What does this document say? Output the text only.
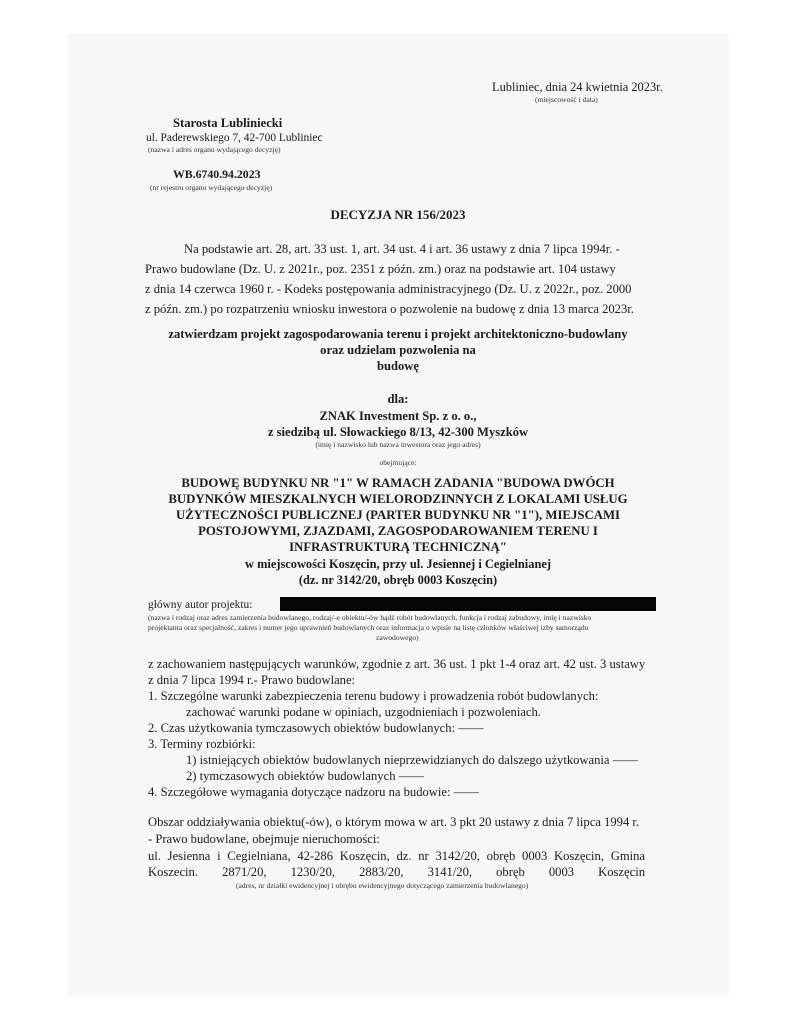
Lubliniec, dnia 24 kwietnia 2023r.
(miejscowość i data)
Starosta Lubliniecki
ul. Paderewskiego 7, 42-700 Lubliniec
(nazwa i adres organu wydającego decyzję)
WB.6740.94.2023
(nr rejestru organu wydającego decyzję)
DECYZJA NR 156/2023
Na podstawie art. 28, art. 33 ust. 1, art. 34 ust. 4 i art. 36 ustawy z dnia 7 lipca 1994r. -
Prawo budowlane (Dz. U. z 2021r., poz. 2351 z późn. zm.) oraz na podstawie art. 104 ustawy
z dnia 14 czerwca 1960 r. - Kodeks postępowania administracyjnego (Dz. U. z 2022r., poz. 2000
z późn. zm.) po rozpatrzeniu wniosku inwestora o pozwolenie na budowę z dnia 13 marca 2023r.
zatwierdzam projekt zagospodarowania terenu i projekt architektoniczno-budowlany
oraz udzielam pozwolenia na
budowę
dla:
ZNAK Investment Sp. z o. o.,
z siedzibą ul. Słowackiego 8/13, 42-300 Myszków
(imię i nazwisko lub nazwa inwestora oraz jego adres)
obejmujące:
BUDOWĘ BUDYNKU NR "1" W RAMACH ZADANIA "BUDOWA DWÓCH
BUDYNKÓW MIESZKALNYCH WIELORODZINNYCH Z LOKALAMI USŁUG
UŻYTECZNOŚCI PUBLICZNEJ (PARTER BUDYNKU NR "1"), MIEJSCAMI
POSTOJOWYMI, ZJAZDAMI, ZAGOSPODAROWANIEM TERENU I
INFRASTRUKTURĄ TECHNICZNĄ"
w miejscowości Koszęcin, przy ul. Jesiennej i Cegielnianej
(dz. nr 3142/20, obręb 0003 Koszęcin)
główny autor projektu:
(nazwa i rodzaj oraz adres zamierzenia budowlanego, rodzaj/-e obiektu/-ów bądź robót budowlanych, funkcja i rodzaj zabudowy, imię i nazwisko
projektanta oraz specjalność, zakres i numer jego uprawnień budowlanych oraz informacja o wpisie na listę członków właściwej izby samorządu
zawodowego)
z zachowaniem następujących warunków, zgodnie z art. 36 ust. 1 pkt 1-4 oraz art. 42 ust. 3 ustawy
z dnia 7 lipca 1994 r.- Prawo budowlane:
1. Szczególne warunki zabezpieczenia terenu budowy i prowadzenia robót budowlanych:
zachować warunki podane w opiniach, uzgodnieniach i pozwoleniach.
2. Czas użytkowania tymczasowych obiektów budowlanych: ——
3. Terminy rozbiórki:
1) istniejących obiektów budowlanych nieprzewidzianych do dalszego użytkowania ——
2) tymczasowych obiektów budowlanych ——
4. Szczegółowe wymagania dotyczące nadzoru na budowie: ——
Obszar oddziaływania obiektu(-ów), o którym mowa w art. 3 pkt 20 ustawy z dnia 7 lipca 1994 r.
- Prawo budowlane, obejmuje nieruchomości:
ul. Jesienna i Cegielniana, 42-286 Koszęcin, dz. nr 3142/20, obręb 0003 Koszęcin, Gmina
Koszecin. 2871/20, 1230/20, 2883/20, 3141/20, obręb 0003 Koszęcin
(adres, nr działki ewidencyjnej i obrębu ewidencyjnego dotyczącego zamierzenia budowlanego)
